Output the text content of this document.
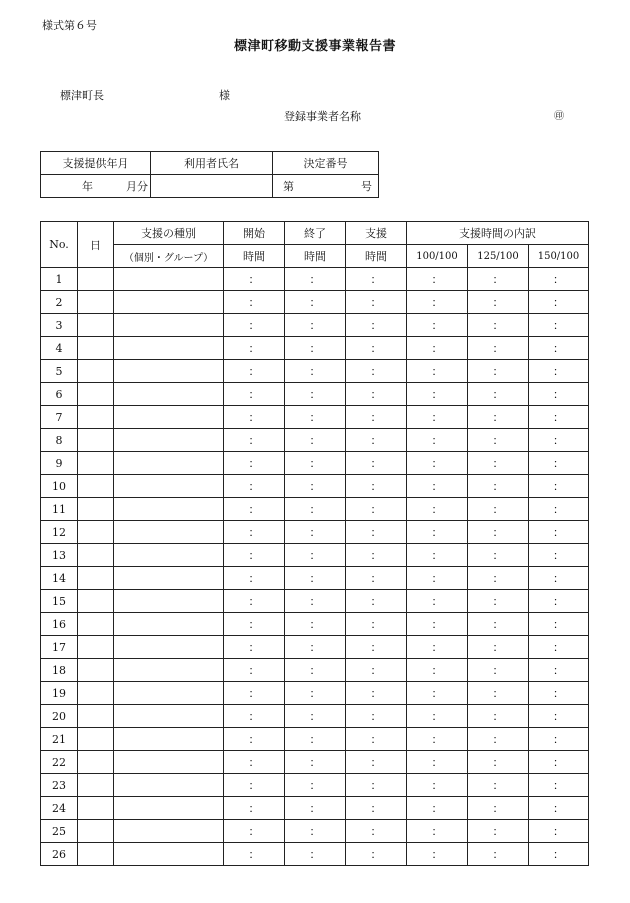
様式第６号
標津町移動支援事業報告書
標津町長	様
登録事業者名称	㊞
支援提供年月	利用者氏名	決定番号
年 月分		第 号
No.	日	支援の種別	開始	終了	支援	支援時間の内訳		
		（個別・グループ）	時間	時間	時間	100/100	125/100	150/100
1			：	：	：	：	：	：
2			：	：	：	：	：	：
3			：	：	：	：	：	：
4			：	：	：	：	：	：
5			：	：	：	：	：	：
6			：	：	：	：	：	：
7			：	：	：	：	：	：
8			：	：	：	：	：	：
9			：	：	：	：	：	：
10			：	：	：	：	：	：
11			：	：	：	：	：	：
12			：	：	：	：	：	：
13			：	：	：	：	：	：
14			：	：	：	：	：	：
15			：	：	：	：	：	：
16			：	：	：	：	：	：
17			：	：	：	：	：	：
18			：	：	：	：	：	：
19			：	：	：	：	：	：
20			：	：	：	：	：	：
21			：	：	：	：	：	：
22			：	：	：	：	：	：
23			：	：	：	：	：	：
24			：	：	：	：	：	：
25			：	：	：	：	：	：
26			：	：	：	：	：	：
